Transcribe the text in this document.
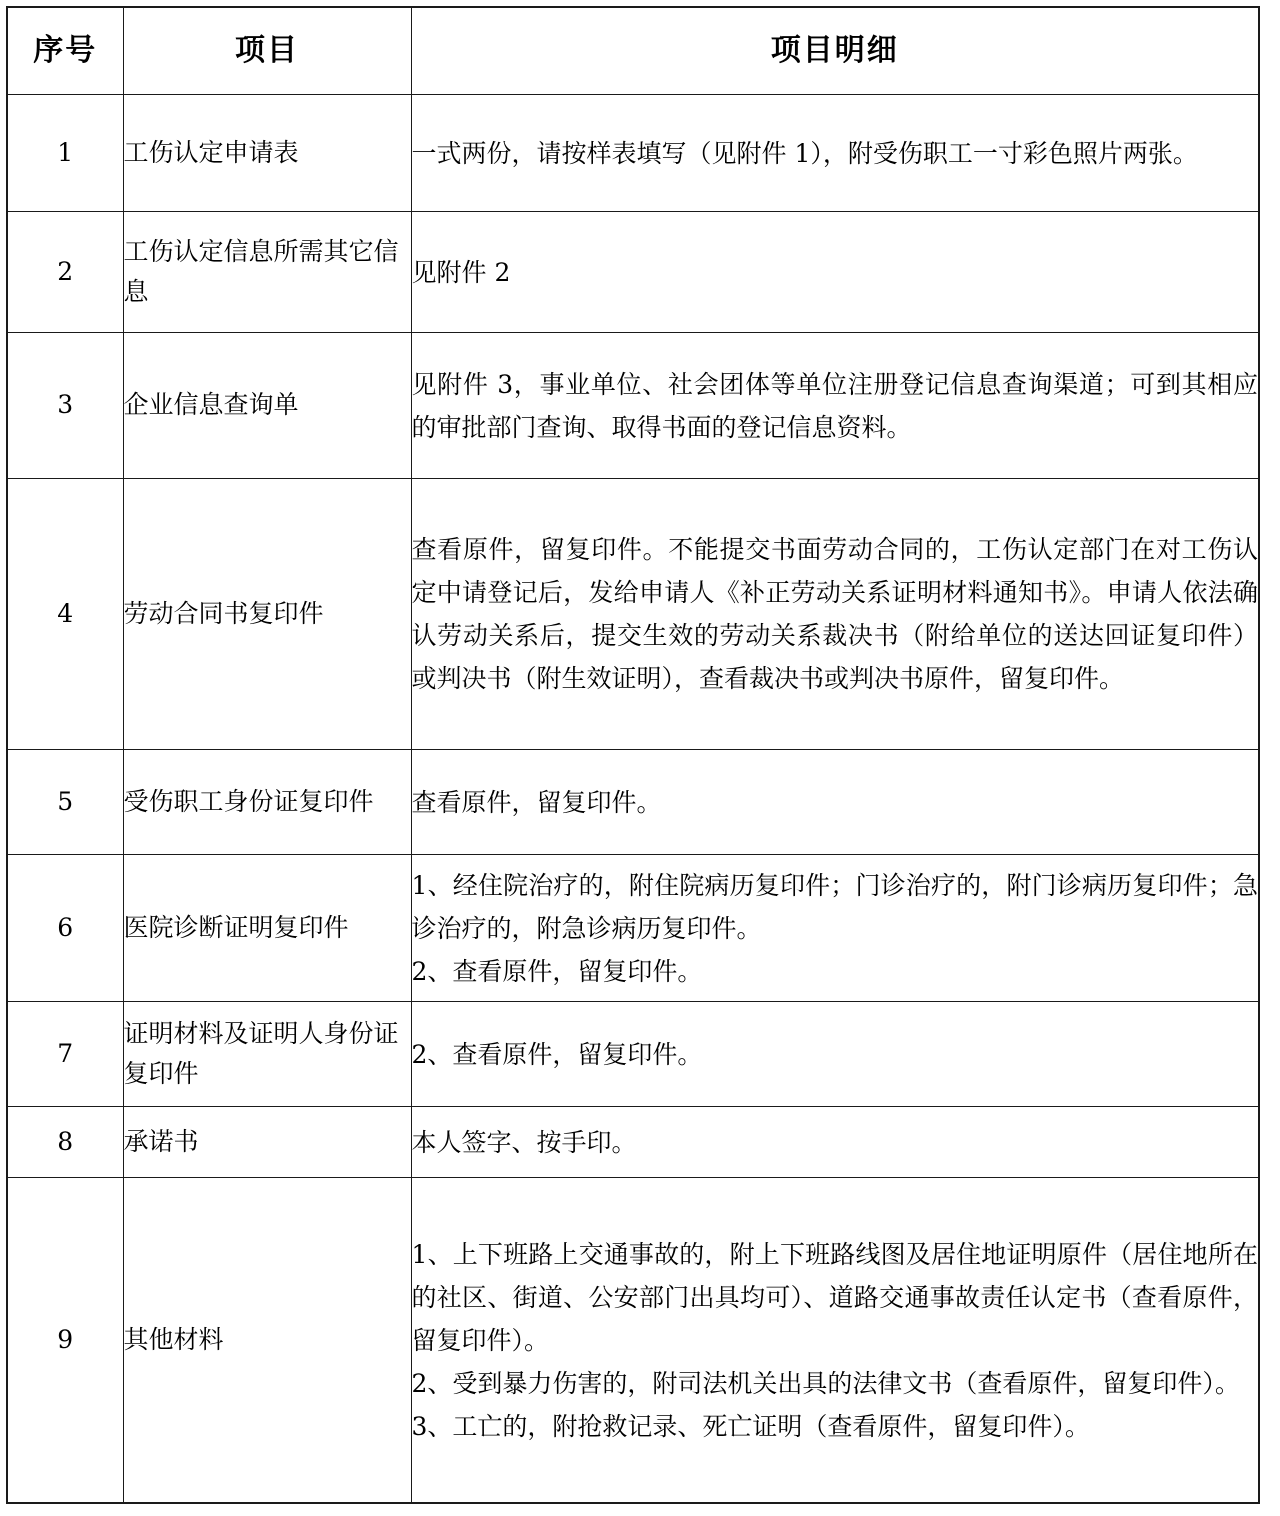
序号	项目	项目明细
1	工伤认定申请表	一式两份，请按样表填写（见附件 1），附受伤职工一寸彩色照片两张。

2	工伤认定信息所需其它信息	见附件 2

3	企业信息查询单	见附件 3，事业单位、社会团体等单位注册登记信息查询渠道；可到其相应的审批部门查询、取得书面的登记信息资料。

4	劳动合同书复印件	查看原件，留复印件。不能提交书面劳动合同的，工伤认定部门在对工伤认定中请登记后，发给申请人《补正劳动关系证明材料通知书》。申请人依法确认劳动关系后，提交生效的劳动关系裁决书（附给单位的送达回证复印件）或判决书（附生效证明），查看裁决书或判决书原件，留复印件。

5	受伤职工身份证复印件	查看原件，留复印件。

6	医院诊断证明复印件	1、经住院治疗的，附住院病历复印件；门诊治疗的，附门诊病历复印件；急诊治疗的，附急诊病历复印件。

2、查看原件，留复印件。

7	证明材料及证明人身份证复印件	2、查看原件，留复印件。

8	承诺书	本人签字、按手印。

9	其他材料	1、上下班路上交通事故的，附上下班路线图及居住地证明原件（居住地所在的社区、街道、公安部门出具均可）、道路交通事故责任认定书（查看原件，留复印件）。

2、受到暴力伤害的，附司法机关出具的法律文书（查看原件，留复印件）。

3、工亡的，附抢救记录、死亡证明（查看原件，留复印件）。
